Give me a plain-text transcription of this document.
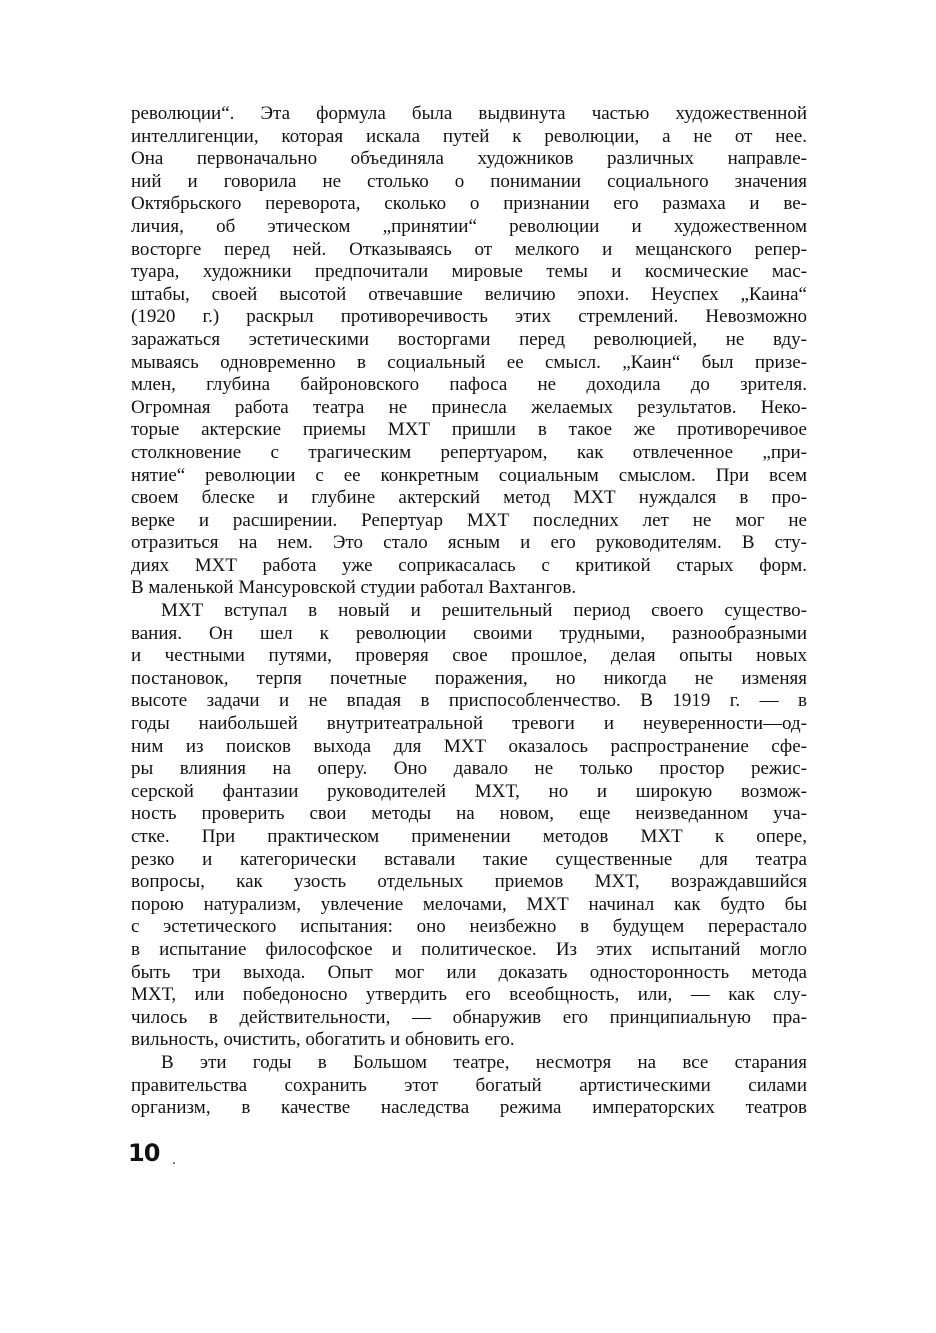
революции“. Эта формула была выдвинута частью художественной
интеллигенции, которая искала путей к революции, а не от нее.
Она первоначально объединяла художников различных направле-
ний и говорила не столько о понимании социального значения
Октябрьского переворота, сколько о признании его размаха и ве-
личия, об этическом „принятии“ революции и художественном
восторге перед ней. Отказываясь от мелкого и мещанского репер-
туара, художники предпочитали мировые темы и космические мас-
штабы, своей высотой отвечавшие величию эпохи. Неуспех „Каина“
(1920 г.) раскрыл противоречивость этих стремлений. Невозможно
заражаться эстетическими восторгами перед революцией, не вду-
мываясь одновременно в социальный ее смысл. „Каин“ был призе-
млен, глубина байроновского пафоса не доходила до зрителя.
Огромная работа театра не принесла желаемых результатов. Неко-
торые актерские приемы МХТ пришли в такое же противоречивое
столкновение с трагическим репертуаром, как отвлеченное „при-
нятие“ революции с ее конкретным социальным смыслом. При всем
своем блеске и глубине актерский метод МХТ нуждался в про-
верке и расширении. Репертуар МХТ последних лет не мог не
отразиться на нем. Это стало ясным и его руководителям. В сту-
диях МХТ работа уже соприкасалась с критикой старых форм.
В маленькой Мансуровской студии работал Вахтангов.
МХТ вступал в новый и решительный период своего существо-
вания. Он шел к революции своими трудными, разнообразными
и честными путями, проверяя свое прошлое, делая опыты новых
постановок, терпя почетные поражения, но никогда не изменяя
высоте задачи и не впадая в приспособленчество. В 1919 г. — в
годы наибольшей внутритеатральной тревоги и неуверенности—од-
ним из поисков выхода для МХТ оказалось распространение сфе-
ры влияния на оперу. Оно давало не только простор режис-
серской фантазии руководителей МХТ, но и широкую возмож-
ность проверить свои методы на новом, еще неизведанном уча-
стке. При практическом применении методов МХТ к опере,
резко и категорически вставали такие существенные для театра
вопросы, как узость отдельных приемов МХТ, возраждавшийся
порою натурализм, увлечение мелочами, МХТ начинал как будто бы
с эстетического испытания: оно неизбежно в будущем перерастало
в испытание философское и политическое. Из этих испытаний могло
быть три выхода. Опыт мог или доказать односторонность метода
МХТ, или победоносно утвердить его всеобщность, или, — как слу-
чилось в действительности, — обнаружив его принципиальную пра-
вильность, очистить, обогатить и обновить его.
В эти годы в Большом театре, несмотря на все старания
правительства сохранить этот богатый артистическими силами
организм, в качестве наследства режима императорских театров
10
